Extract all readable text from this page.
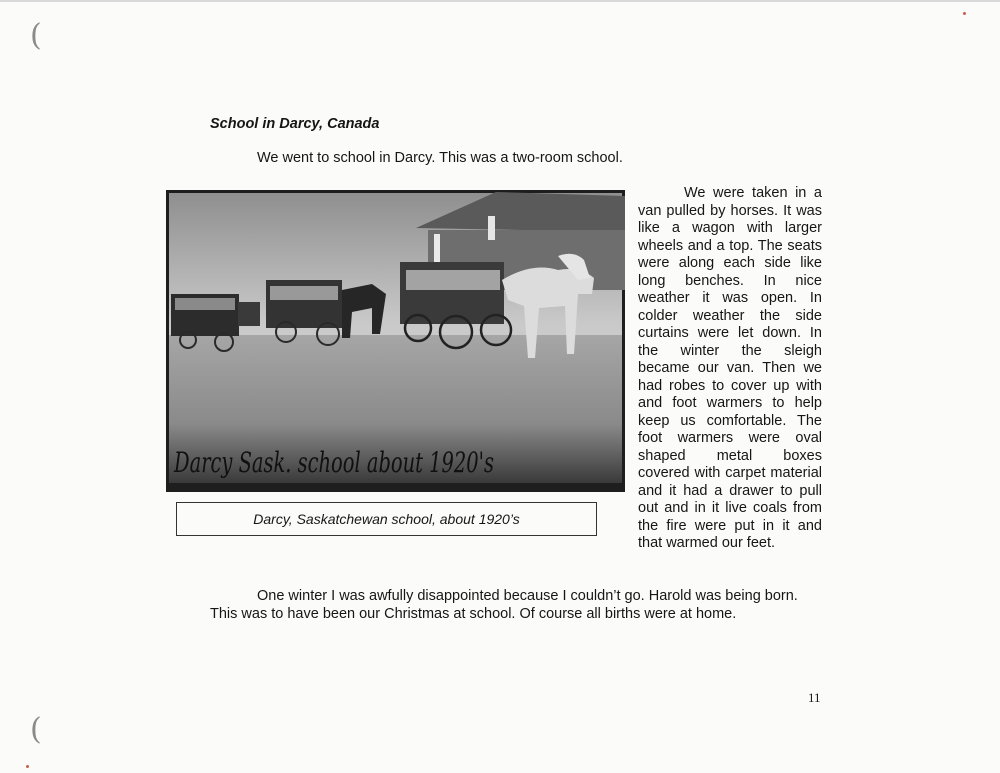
(
(
School in Darcy, Canada
We went to school in Darcy. This was a two-room school.
Darcy Sask. school about 1920's
Darcy, Saskatchewan school, about 1920’s
We were taken in a van pulled by horses. It was like a wagon with larger wheels and a top. The seats were along each side like long benches. In nice weather it was open. In colder weather the side curtains were let down. In the winter the sleigh became our van. Then we had robes to cover up with and foot warmers to help keep us comfortable. The foot warmers were oval shaped metal boxes covered with carpet material and it had a drawer to pull out and in it live coals from the fire were put in it and that warmed our feet.
One winter I was awfully disappointed because I couldn’t go. Harold was being born. This was to have been our Christmas at school. Of course all births were at home.
11
